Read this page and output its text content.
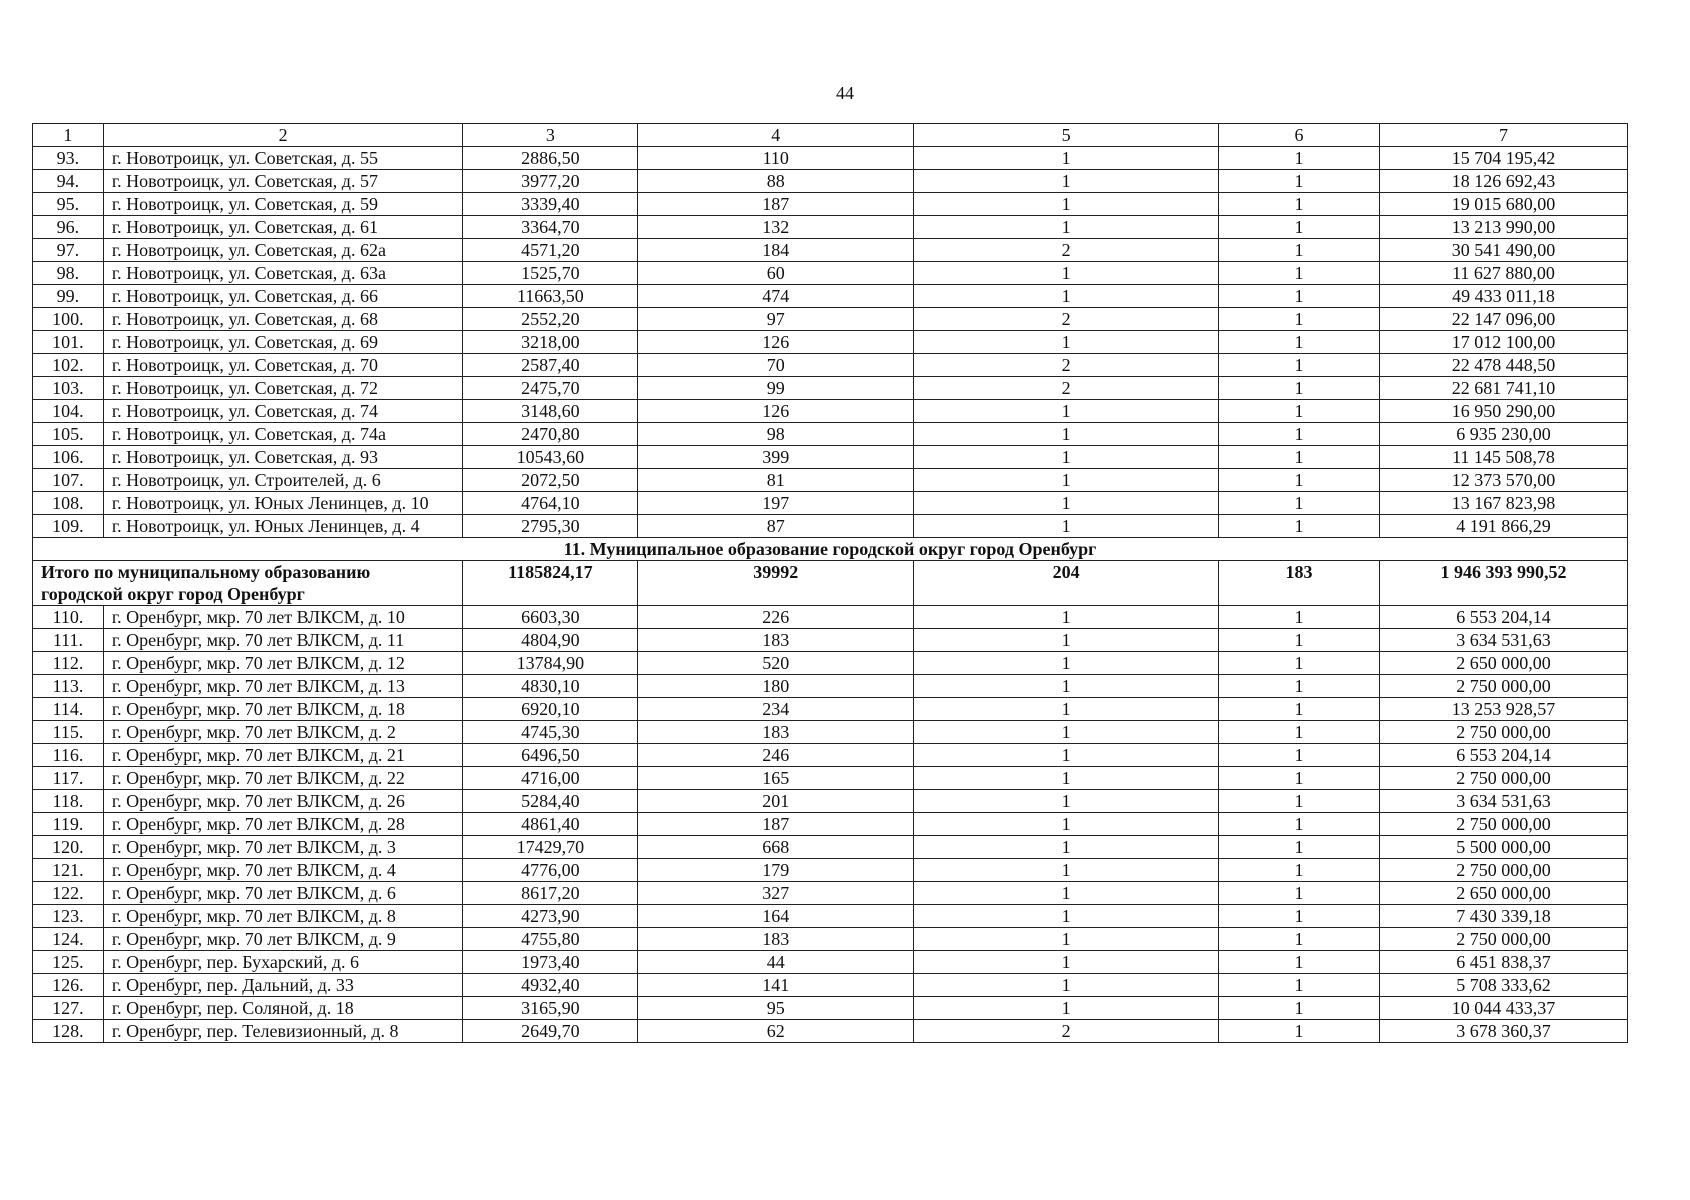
44
1	2	3	4	5	6	7
93.	г. Новотроицк, ул. Советская, д. 55	2886,50	110	1	1	15 704 195,42
94.	г. Новотроицк, ул. Советская, д. 57	3977,20	88	1	1	18 126 692,43
95.	г. Новотроицк, ул. Советская, д. 59	3339,40	187	1	1	19 015 680,00
96.	г. Новотроицк, ул. Советская, д. 61	3364,70	132	1	1	13 213 990,00
97.	г. Новотроицк, ул. Советская, д. 62а	4571,20	184	2	1	30 541 490,00
98.	г. Новотроицк, ул. Советская, д. 63а	1525,70	60	1	1	11 627 880,00
99.	г. Новотроицк, ул. Советская, д. 66	11663,50	474	1	1	49 433 011,18
100.	г. Новотроицк, ул. Советская, д. 68	2552,20	97	2	1	22 147 096,00
101.	г. Новотроицк, ул. Советская, д. 69	3218,00	126	1	1	17 012 100,00
102.	г. Новотроицк, ул. Советская, д. 70	2587,40	70	2	1	22 478 448,50
103.	г. Новотроицк, ул. Советская, д. 72	2475,70	99	2	1	22 681 741,10
104.	г. Новотроицк, ул. Советская, д. 74	3148,60	126	1	1	16 950 290,00
105.	г. Новотроицк, ул. Советская, д. 74а	2470,80	98	1	1	6 935 230,00
106.	г. Новотроицк, ул. Советская, д. 93	10543,60	399	1	1	11 145 508,78
107.	г. Новотроицк, ул. Строителей, д. 6	2072,50	81	1	1	12 373 570,00
108.	г. Новотроицк, ул. Юных Ленинцев, д. 10	4764,10	197	1	1	13 167 823,98
109.	г. Новотроицк, ул. Юных Ленинцев, д. 4	2795,30	87	1	1	4 191 866,29
11. Муниципальное образование городской округ город Оренбург						
Итого по муниципальному образованию городской округ город Оренбург		1185824,17	39992	204	183	1 946 393 990,52
110.	г. Оренбург, мкр. 70 лет ВЛКСМ, д. 10	6603,30	226	1	1	6 553 204,14
111.	г. Оренбург, мкр. 70 лет ВЛКСМ, д. 11	4804,90	183	1	1	3 634 531,63
112.	г. Оренбург, мкр. 70 лет ВЛКСМ, д. 12	13784,90	520	1	1	2 650 000,00
113.	г. Оренбург, мкр. 70 лет ВЛКСМ, д. 13	4830,10	180	1	1	2 750 000,00
114.	г. Оренбург, мкр. 70 лет ВЛКСМ, д. 18	6920,10	234	1	1	13 253 928,57
115.	г. Оренбург, мкр. 70 лет ВЛКСМ, д. 2	4745,30	183	1	1	2 750 000,00
116.	г. Оренбург, мкр. 70 лет ВЛКСМ, д. 21	6496,50	246	1	1	6 553 204,14
117.	г. Оренбург, мкр. 70 лет ВЛКСМ, д. 22	4716,00	165	1	1	2 750 000,00
118.	г. Оренбург, мкр. 70 лет ВЛКСМ, д. 26	5284,40	201	1	1	3 634 531,63
119.	г. Оренбург, мкр. 70 лет ВЛКСМ, д. 28	4861,40	187	1	1	2 750 000,00
120.	г. Оренбург, мкр. 70 лет ВЛКСМ, д. 3	17429,70	668	1	1	5 500 000,00
121.	г. Оренбург, мкр. 70 лет ВЛКСМ, д. 4	4776,00	179	1	1	2 750 000,00
122.	г. Оренбург, мкр. 70 лет ВЛКСМ, д. 6	8617,20	327	1	1	2 650 000,00
123.	г. Оренбург, мкр. 70 лет ВЛКСМ, д. 8	4273,90	164	1	1	7 430 339,18
124.	г. Оренбург, мкр. 70 лет ВЛКСМ, д. 9	4755,80	183	1	1	2 750 000,00
125.	г. Оренбург, пер. Бухарский, д. 6	1973,40	44	1	1	6 451 838,37
126.	г. Оренбург, пер. Дальний, д. 33	4932,40	141	1	1	5 708 333,62
127.	г. Оренбург, пер. Соляной, д. 18	3165,90	95	1	1	10 044 433,37
128.	г. Оренбург, пер. Телевизионный, д. 8	2649,70	62	2	1	3 678 360,37
